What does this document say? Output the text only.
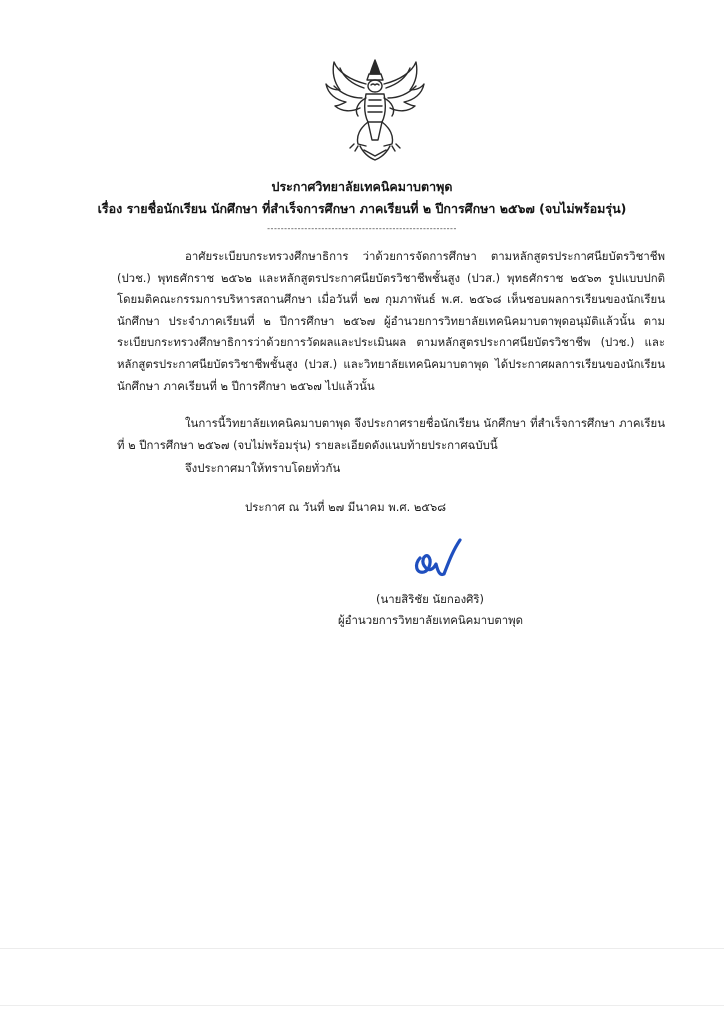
ประกาศวิทยาลัยเทคนิคมาบตาพุด
เรื่อง รายชื่อนักเรียน นักศึกษา ที่สำเร็จการศึกษา ภาคเรียนที่ ๒ ปีการศึกษา ๒๕๖๗ (จบไม่พร้อมรุ่น)
--------------------------------------------------------
อาศัยระเบียบกระทรวงศึกษาธิการ ว่าด้วยการจัดการศึกษา ตามหลักสูตรประกาศนียบัตรวิชาชีพ (ปวช.) พุทธศักราช ๒๕๖๒ และหลักสูตรประกาศนียบัตรวิชาชีพชั้นสูง (ปวส.) พุทธศักราช ๒๕๖๓ รูปแบบปกติ โดยมติคณะกรรมการบริหารสถานศึกษา เมื่อวันที่ ๒๗ กุมภาพันธ์ พ.ศ. ๒๕๖๘ เห็นชอบผลการเรียนของนักเรียน นักศึกษา ประจำภาคเรียนที่ ๒ ปีการศึกษา ๒๕๖๗ ผู้อำนวยการวิทยาลัยเทคนิคมาบตาพุดอนุมัติแล้วนั้น ตามระเบียบกระทรวงศึกษาธิการว่าด้วยการวัดผลและประเมินผล ตามหลักสูตรประกาศนียบัตรวิชาชีพ (ปวช.) และหลักสูตรประกาศนียบัตรวิชาชีพชั้นสูง (ปวส.) และวิทยาลัยเทคนิคมาบตาพุด ได้ประกาศผลการเรียนของนักเรียน นักศึกษา ภาคเรียนที่ ๒ ปีการศึกษา ๒๕๖๗ ไปแล้วนั้น
ในการนี้วิทยาลัยเทคนิคมาบตาพุด จึงประกาศรายชื่อนักเรียน นักศึกษา ที่สำเร็จการศึกษา ภาคเรียนที่ ๒ ปีการศึกษา ๒๕๖๗ (จบไม่พร้อมรุ่น) รายละเอียดดังแนบท้ายประกาศฉบับนี้
จึงประกาศมาให้ทราบโดยทั่วกัน
ประกาศ ณ วันที่ ๒๗ มีนาคม พ.ศ. ๒๕๖๘
(นายสิริชัย นัยกองศิริ)
ผู้อำนวยการวิทยาลัยเทคนิคมาบตาพุด
